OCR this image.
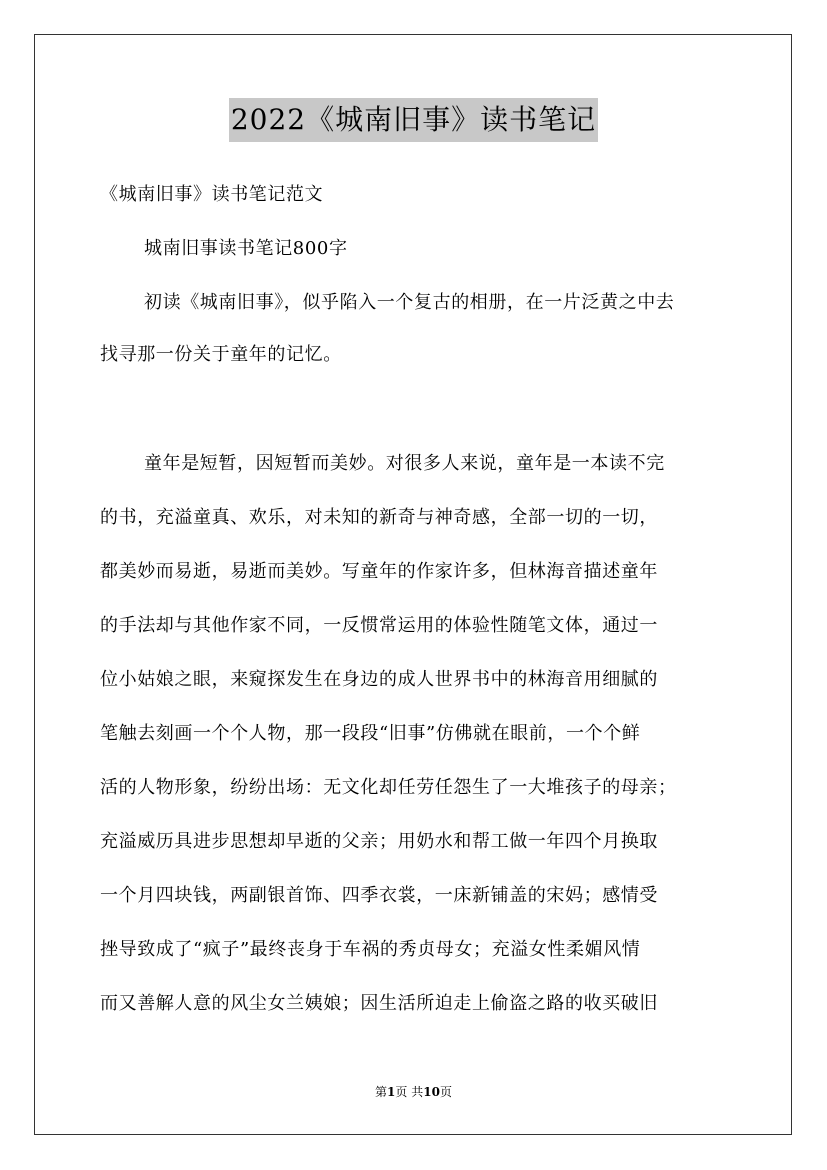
2022《城南旧事》读书笔记
《城南旧事》读书笔记范文
城南旧事读书笔记800字
初读《城南旧事》，似乎陷入一个复古的相册，在一片泛黄之中去
找寻那一份关于童年的记忆。
童年是短暂，因短暂而美妙。对很多人来说，童年是一本读不完
的书，充溢童真、欢乐，对未知的新奇与神奇感，全部一切的一切，
都美妙而易逝，易逝而美妙。写童年的作家许多，但林海音描述童年
的手法却与其他作家不同，一反惯常运用的体验性随笔文体，通过一
位小姑娘之眼，来窥探发生在身边的成人世界书中的林海音用细腻的
笔触去刻画一个个人物，那一段段“旧事”仿佛就在眼前，一个个鲜
活的人物形象，纷纷出场：无文化却任劳任怨生了一大堆孩子的母亲；
充溢威历具进步思想却早逝的父亲；用奶水和帮工做一年四个月换取
一个月四块钱，两副银首饰、四季衣裳，一床新铺盖的宋妈；感情受
挫导致成了“疯子”最终丧身于车祸的秀贞母女；充溢女性柔媚风情
而又善解人意的风尘女兰姨娘；因生活所迫走上偷盗之路的收买破旧
第1页 共10页
